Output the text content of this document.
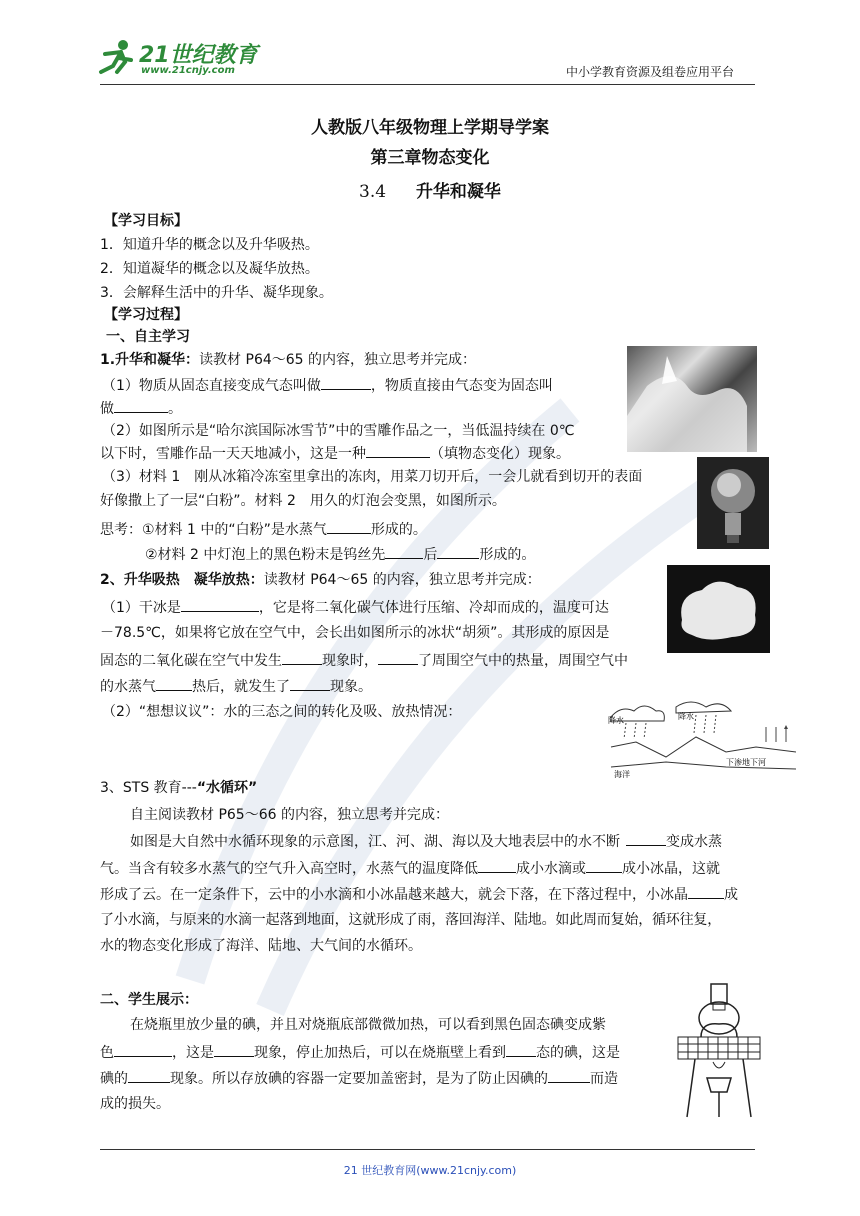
21世纪教育
www.21cnjy.com	中小学教育资源及组卷应用平台
人教版八年级物理上学期导学案
第三章物态变化
3.4 升华和凝华
【学习目标】
1．知道升华的概念以及升华吸热。
2．知道凝华的概念以及凝华放热。
3．会解释生活中的升华、凝华现象。
【学习过程】
一、自主学习
1.升华和凝华：读教材 P64～65 的内容，独立思考并完成：
（1）物质从固态直接变成气态叫做	，物质直接由气态变为固态叫
做	。
（2）如图所示是“哈尔滨国际冰雪节”中的雪雕作品之一，当低温持续在 0℃
以下时，雪雕作品一天天地减小，这是一种	（填物态变化）现象。
（3）材料 1　刚从冰箱冷冻室里拿出的冻肉，用菜刀切开后，一会儿就看到切开的表面
好像撒上了一层“白粉”。材料 2　用久的灯泡会变黑，如图所示。
思考：①材料 1 中的“白粉”是水蒸气	形成的。
②材料 2 中灯泡上的黑色粉末是钨丝先	后	形成的。
2、升华吸热　凝华放热：读教材 P64～65 的内容，独立思考并完成：
（1）干冰是	，它是将二氧化碳气体进行压缩、冷却而成的，温度可达
－78.5℃，如果将它放在空气中，会长出如图所示的冰状“胡须”。其形成的原因是
固态的二氧化碳在空气中发生	现象时，	了周围空气中的热量，周围空气中
的水蒸气	热后，就发生了	现象。
（2）“想想议议”：水的三态之间的转化及吸、放热情况：
3、STS 教育---“水循环”
自主阅读教材 P65～66 的内容，独立思考并完成：
如图是大自然中水循环现象的示意图，江、河、湖、海以及大地表层中的水不断	变成水蒸
气。当含有较多水蒸气的空气升入高空时，水蒸气的温度降低	成小水滴或	成小冰晶，这就
形成了云。在一定条件下，云中的小水滴和小冰晶越来越大，就会下落，在下落过程中，小冰晶	成
了小水滴，与原来的水滴一起落到地面，这就形成了雨，落回海洋、陆地。如此周而复始，循环往复，
水的物态变化形成了海洋、陆地、大气间的水循环。
二、学生展示：
在烧瓶里放少量的碘，并且对烧瓶底部微微加热，可以看到黑色固态碘变成紫
色	，这是	现象，停止加热后，可以在烧瓶壁上看到 态的碘，这是
碘的	现象。所以存放碘的容器一定要加盖密封，是为了防止因碘的	而造
成的损失。
降水	降水
海洋
下渗地下河
21 世纪教育网(www.21cnjy.com)
